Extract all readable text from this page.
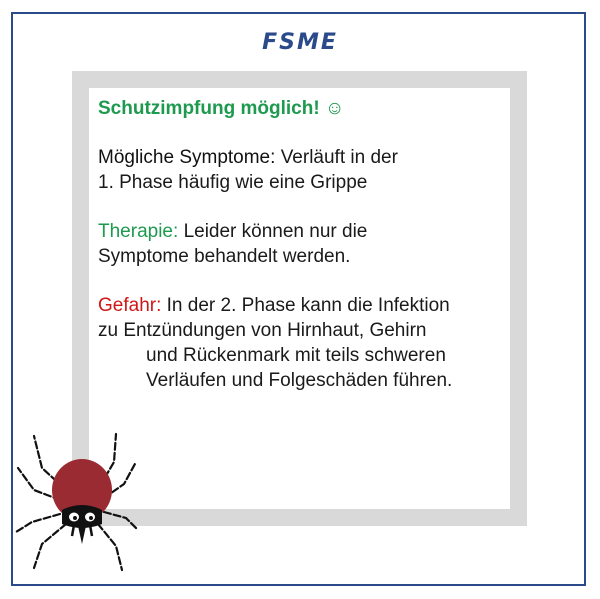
FSME

Schutzimpfung möglich! ☺

Mögliche Symptome: Verläuft in der
1. Phase häufig wie eine Grippe

Therapie: Leider können nur die
Symptome behandelt werden.

Gefahr: In der 2. Phase kann die Infektion
zu Entzündungen von Hirnhaut, Gehirn
und Rückenmark mit teils schweren
Verläufen und Folgeschäden führen.
